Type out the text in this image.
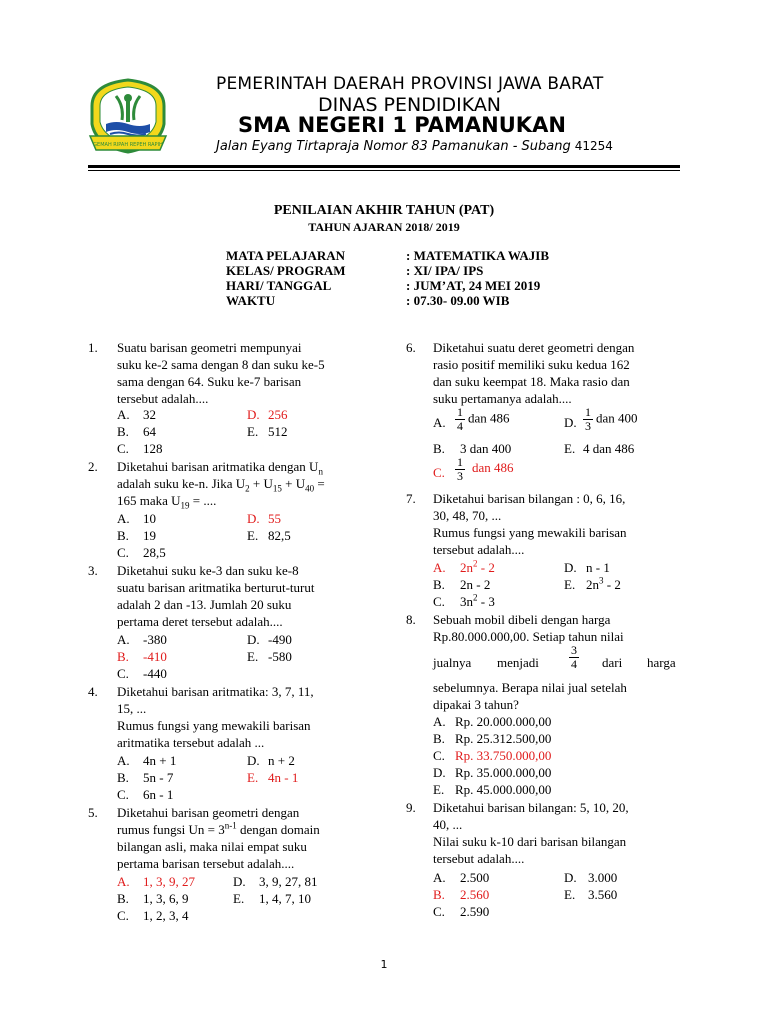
GEMAH RIPAH REPEH RAPIH
PEMERINTAH DAERAH PROVINSI JAWA BARAT
DINAS PENDIDIKAN
SMA NEGERI 1 PAMANUKAN
Jalan Eyang Tirtapraja Nomor 83 Pamanukan - Subang 41254
PENILAIAN AKHIR TAHUN (PAT)
TAHUN AJARAN 2018/ 2019
MATA PELAJARAN	: MATEMATIKA WAJIB
KELAS/ PROGRAM	: XI/ IPA/ IPS
HARI/ TANGGAL	: JUM’AT, 24 MEI 2019
WAKTU	: 07.30- 09.00 WIB
1. Suatu barisan geometri mempunyai
suku ke-2 sama dengan 8 dan suku ke-5
sama dengan 64. Suku ke-7 barisan
tersebut adalah....
A. 32	D. 256
B. 64	E. 512
C. 128
2. Diketahui barisan aritmatika dengan $U_n$
adalah suku ke-n. Jika $U_2 + U_{15} + U_{40}$ =
165 maka $U_{19}$ = ....
A. 10	D. 55
B. 19	E. 82,5
C. 28,5
3. Diketahui suku ke-3 dan suku ke-8
suatu barisan aritmatika berturut-turut
adalah 2 dan -13. Jumlah 20 suku
pertama deret tersebut adalah....
A. -380	D. -490
B. -410	E. -580
C. -440
4. Diketahui barisan aritmatika: 3, 7, 11,
15, ...
Rumus fungsi yang mewakili barisan
aritmatika tersebut adalah ...
A. 4n + 1	D. n + 2
B. 5n - 7	E. 4n - 1
C. 6n - 1
5. Diketahui barisan geometri dengan
rumus fungsi $Un = 3^{n-1}$ dengan domain
bilangan asli, maka nilai empat suku
pertama barisan tersebut adalah....
A. 1, 3, 9, 27	D. 3, 9, 27, 81
B. 1, 3, 6, 9	E. 1, 4, 7, 10
C. 1, 2, 3, 4
6. Diketahui suatu deret geometri dengan
rasio positif memiliki suku kedua 162
dan suku keempat 18. Maka rasio dan
suku pertamanya adalah....
A. $\frac{1}{4}$ dan 486	D. $\frac{1}{3}$ dan 400
B. 3 dan 400	E. 4 dan 486
C. $\frac{1}{3}$ dan 486
7. Diketahui barisan bilangan : 0, 6, 16,
30, 48, 70, ...
Rumus fungsi yang mewakili barisan
tersebut adalah....
A. $2n^2 - 2$	D. n - 1
B. 2n - 2	E. $2n^3 - 2$
C. $3n^2 - 3$
8. Sebuah mobil dibeli dengan harga
Rp.80.000.000,00. Setiap tahun nilai
jualnya menjadi	$\frac{3}{4}$ dari harga
sebelumnya. Berapa nilai jual setelah
dipakai 3 tahun?
A. Rp. 20.000.000,00
B. Rp. 25.312.500,00
C. Rp. 33.750.000,00
D. Rp. 35.000.000,00
E. Rp. 45.000.000,00
9. Diketahui barisan bilangan: 5, 10, 20,
40, ...
Nilai suku k-10 dari barisan bilangan
tersebut adalah....
A. 2.500	D. 3.000
B. 2.560	E. 3.560
C. 2.590
1
